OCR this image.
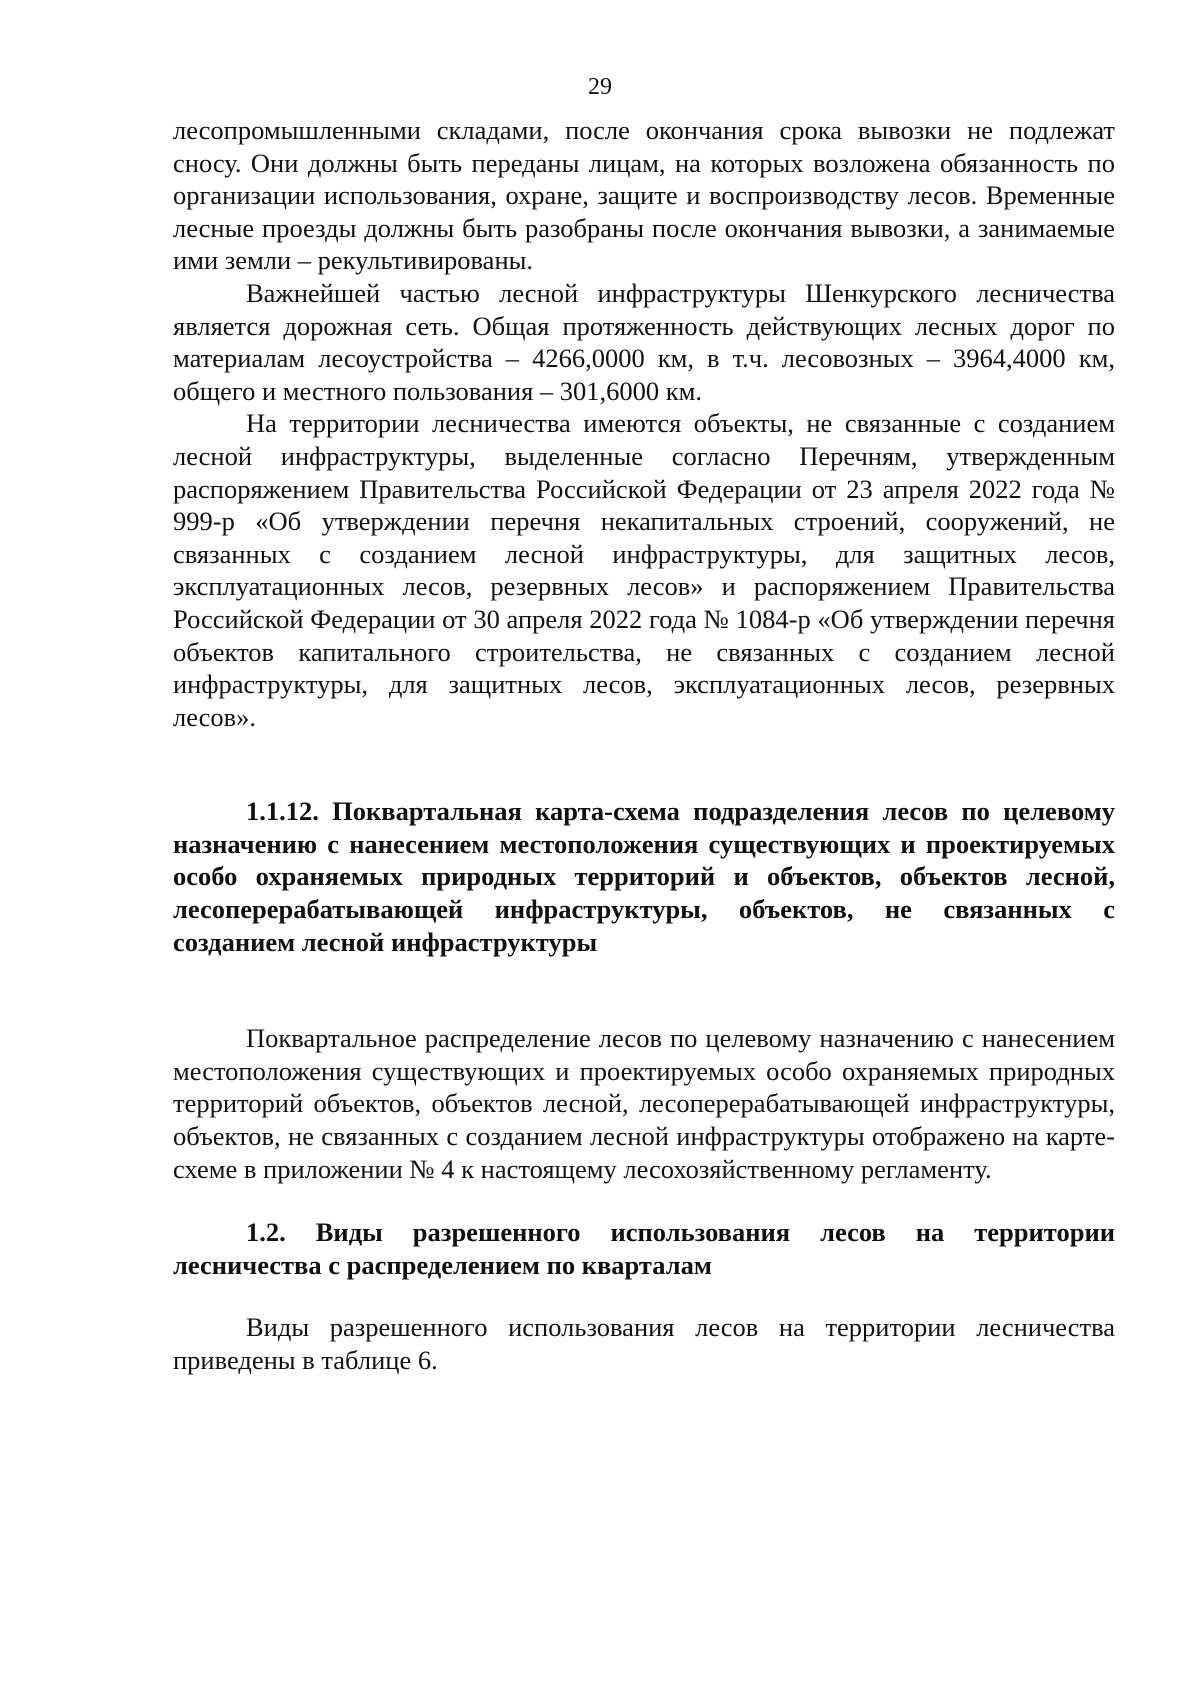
29

лесопромышленными складами, после окончания срока вывозки не подлежат сносу. Они должны быть переданы лицам, на которых возложена обязанность по организации использования, охране, защите и воспроизводству лесов. Временные лесные проезды должны быть разобраны после окончания вывозки, а занимаемые ими земли – рекультивированы.

Важнейшей частью лесной инфраструктуры Шенкурского лесничества является дорожная сеть. Общая протяженность действующих лесных дорог по материалам лесоустройства – 4266,0000 км, в т.ч. лесовозных – 3964,4000 км, общего и местного пользования – 301,6000 км.

На территории лесничества имеются объекты, не связанные с созданием лесной инфраструктуры, выделенные согласно Перечням, утвержденным распоряжением Правительства Российской Федерации от 23 апреля 2022 года № 999-р «Об утверждении перечня некапитальных строений, сооружений, не связанных с созданием лесной инфраструктуры, для защитных лесов, эксплуатационных лесов, резервных лесов» и распоряжением Правительства Российской Федерации от 30 апреля 2022 года № 1084-р «Об утверждении перечня объектов капитального строительства, не связанных с созданием лесной инфраструктуры, для защитных лесов, эксплуатационных лесов, резервных лесов».

1.1.12. Поквартальная карта-схема подразделения лесов по целевому назначению с нанесением местоположения существующих и проектируемых особо охраняемых природных территорий и объектов, объектов лесной, лесоперерабатывающей инфраструктуры, объектов, не связанных с созданием лесной инфраструктуры

Поквартальное распределение лесов по целевому назначению с нанесением местоположения существующих и проектируемых особо охраняемых природных территорий объектов, объектов лесной, лесоперерабатывающей инфраструктуры, объектов, не связанных с созданием лесной инфраструктуры отображено на карте-схеме в приложении № 4 к настоящему лесохозяйственному регламенту.

1.2. Виды разрешенного использования лесов на территории лесничества с распределением по кварталам

Виды разрешенного использования лесов на территории лесничества приведены в таблице 6.
